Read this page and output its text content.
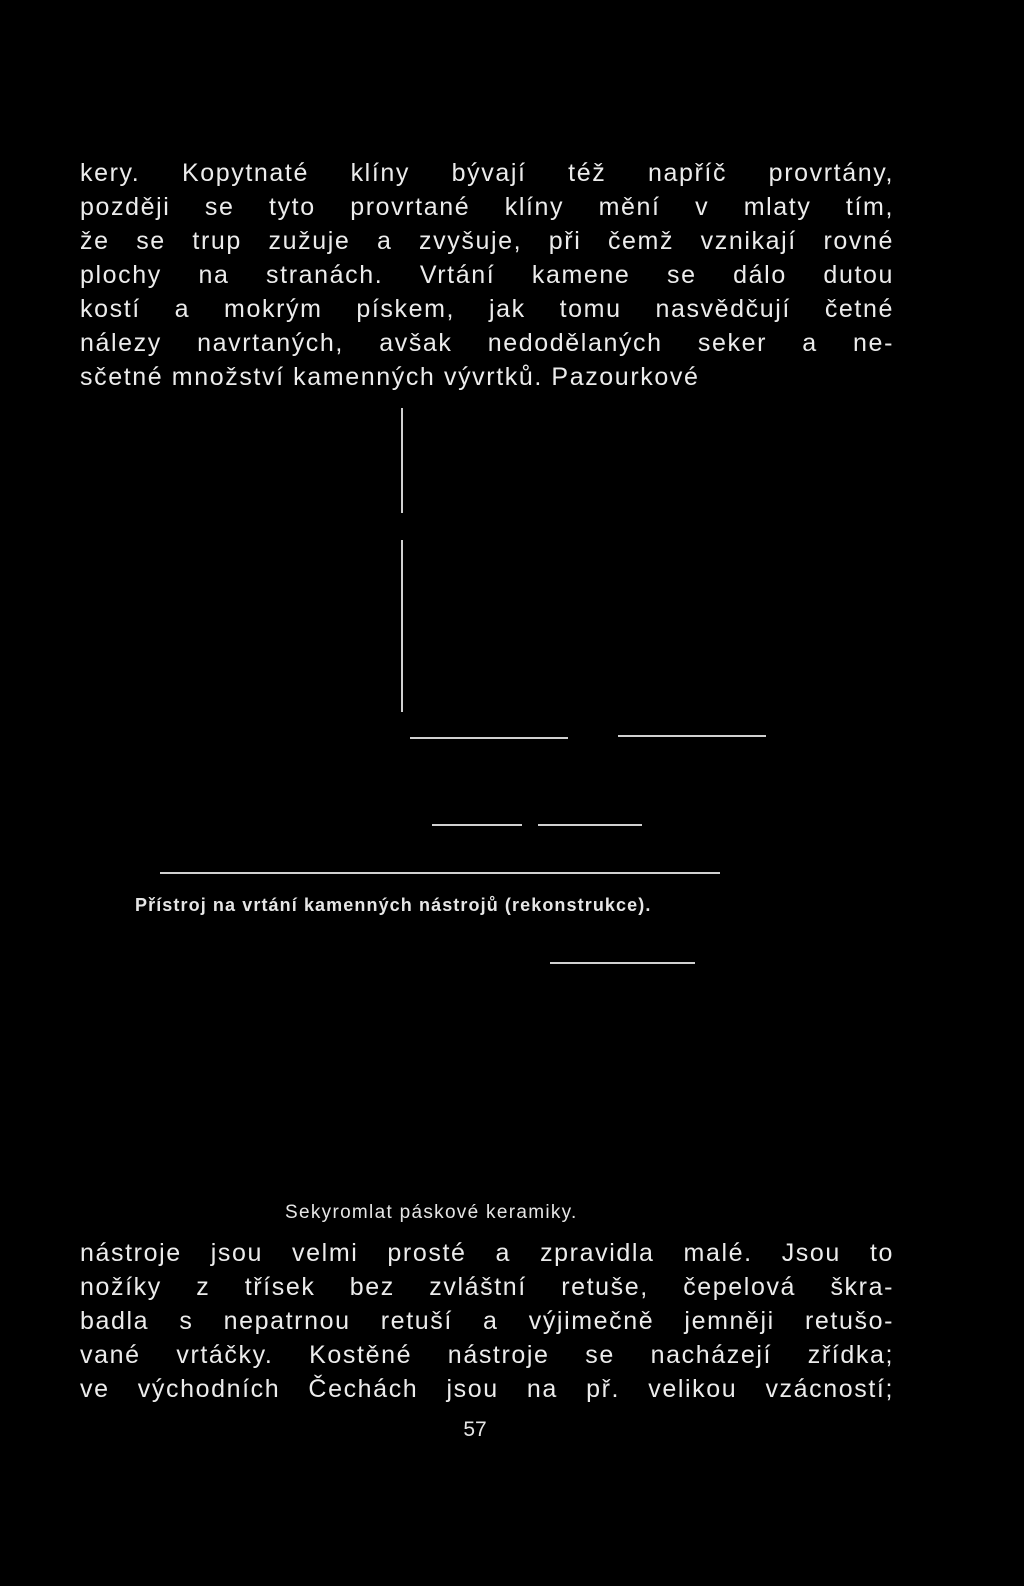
kery. Kopytnaté klíny bývají též napříč provrtány,
později se tyto provrtané klíny mění v mlaty tím,
že se trup zužuje a zvyšuje, při čemž vznikají rovné
plochy na stranách. Vrtání kamene se dálo dutou
kostí a mokrým pískem, jak tomu nasvědčují četné
nálezy navrtaných, avšak nedodělaných seker a ne-
sčetné množství kamenných vývrtků. Pazourkové

Přístroj na vrtání kamenných nástrojů (rekonstrukce).

Sekyromlat páskové keramiky.

nástroje jsou velmi prosté a zpravidla malé. Jsou to
nožíky z třísek bez zvláštní retuše, čepelová škra-
badla s nepatrnou retuší a výjimečně jemněji retušo-
vané vrtáčky. Kostěné nástroje se nacházejí zřídka;
ve východních Čechách jsou na př. velikou vzácností;
57
